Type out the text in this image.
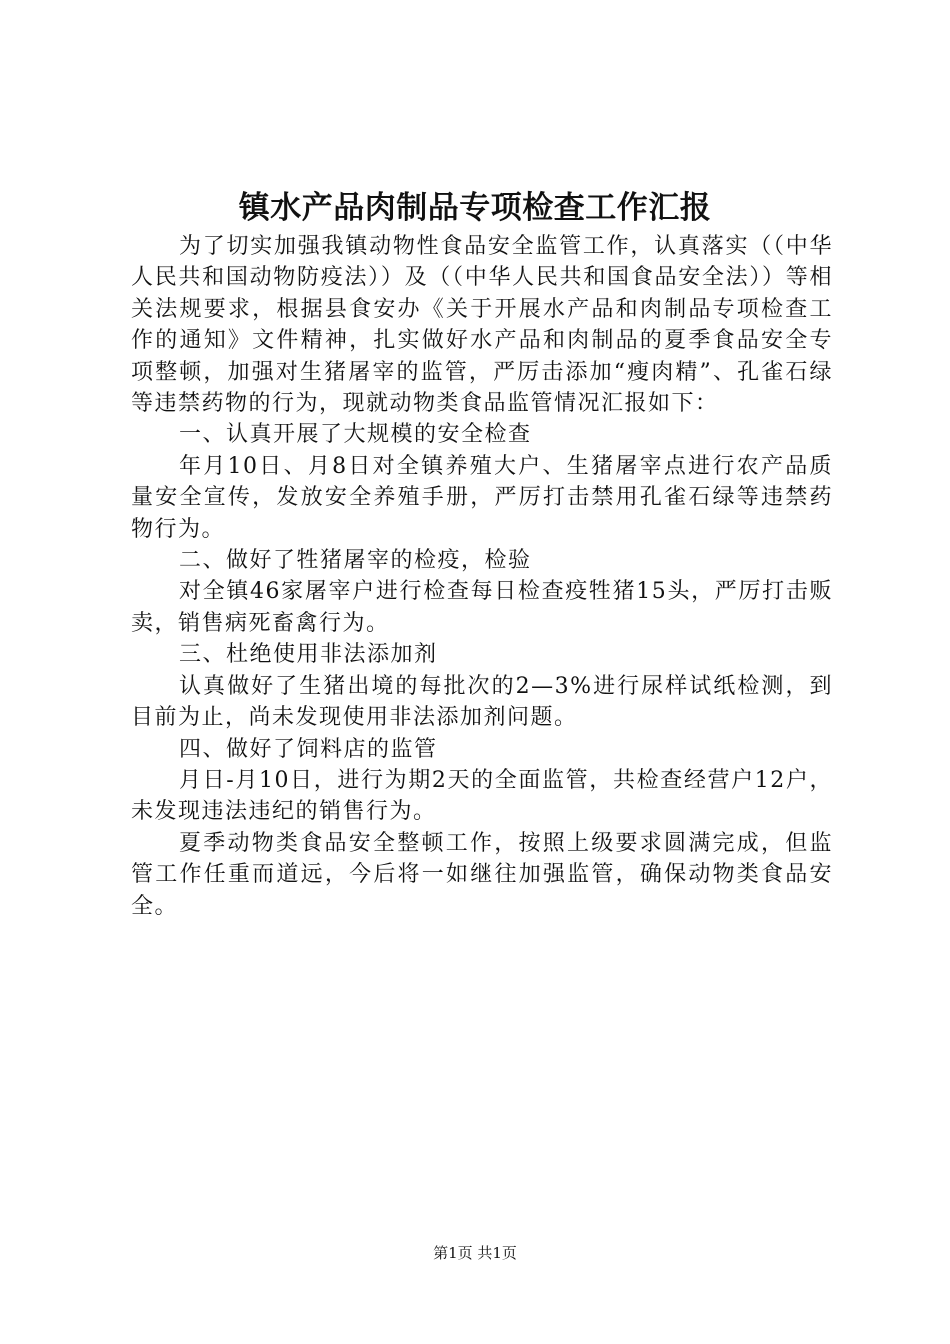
镇水产品肉制品专项检查工作汇报

为了切实加强我镇动物性食品安全监管工作，认真落实（（中华人民共和国动物防疫法））及（（中华人民共和国食品安全法））等相关法规要求，根据县食安办《关于开展水产品和肉制品专项检查工作的通知》文件精神，扎实做好水产品和肉制品的夏季食品安全专项整顿，加强对生猪屠宰的监管，严厉击添加“瘦肉精”、孔雀石绿等违禁药物的行为，现就动物类食品监管情况汇报如下：

一、认真开展了大规模的安全检查

年月10日、月8日对全镇养殖大户、生猪屠宰点进行农产品质量安全宣传，发放安全养殖手册，严厉打击禁用孔雀石绿等违禁药物行为。

二、做好了牲猪屠宰的检疫，检验

对全镇46家屠宰户进行检查每日检查疫牲猪15头，严厉打击贩卖，销售病死畜禽行为。

三、杜绝使用非法添加剂

认真做好了生猪出境的每批次的2—3%进行尿样试纸检测，到目前为止，尚未发现使用非法添加剂问题。

四、做好了饲料店的监管

月日-月10日，进行为期2天的全面监管，共检查经营户12户，未发现违法违纪的销售行为。

夏季动物类食品安全整顿工作，按照上级要求圆满完成，但监管工作任重而道远，今后将一如继往加强监管，确保动物类食品安全。

第1页 共1页
